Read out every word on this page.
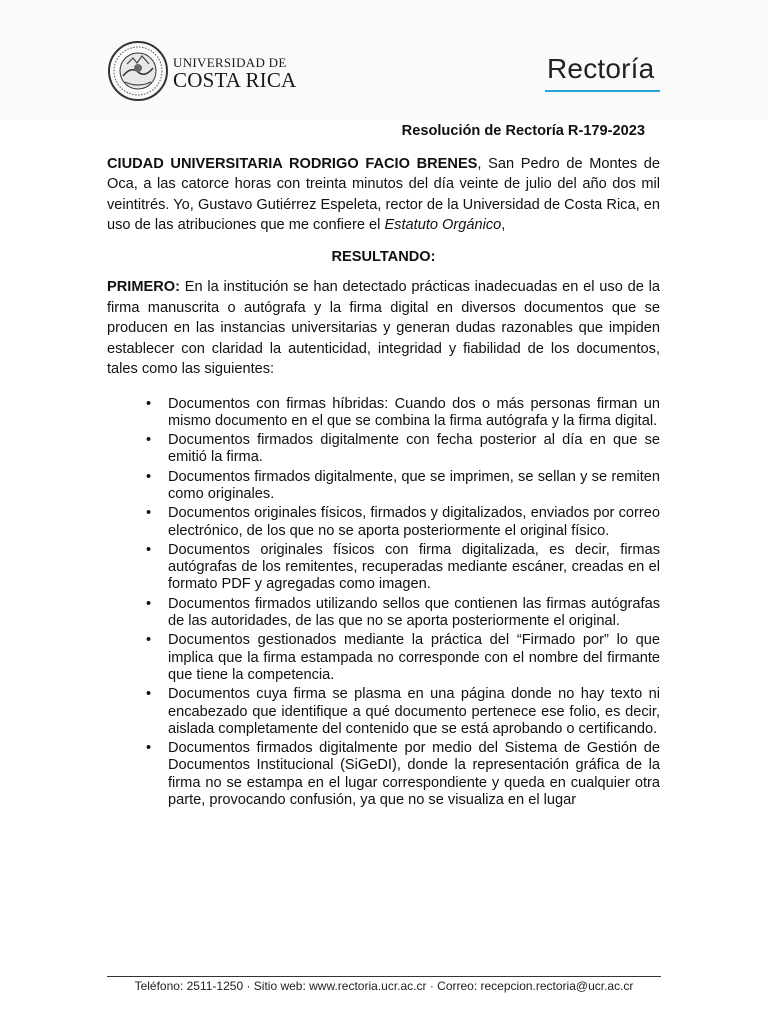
UNIVERSIDAD DE
COSTA RICA	Rectoría
Resolución de Rectoría R-179-2023

CIUDAD UNIVERSITARIA RODRIGO FACIO BRENES, San Pedro de Montes de Oca, a las catorce horas con treinta minutos del día veinte de julio del año dos mil veintitrés. Yo, Gustavo Gutiérrez Espeleta, rector de la Universidad de Costa Rica, en uso de las atribuciones que me confiere el Estatuto Orgánico,

RESULTANDO:

PRIMERO: En la institución se han detectado prácticas inadecuadas en el uso de la firma manuscrita o autógrafa y la firma digital en diversos documentos que se producen en las instancias universitarias y generan dudas razonables que impiden establecer con claridad la autenticidad, integridad y fiabilidad de los documentos, tales como las siguientes:

• Documentos con firmas híbridas: Cuando dos o más personas firman un mismo documento en el que se combina la firma autógrafa y la firma digital.
• Documentos firmados digitalmente con fecha posterior al día en que se emitió la firma.
• Documentos firmados digitalmente, que se imprimen, se sellan y se remiten como originales.
• Documentos originales físicos, firmados y digitalizados, enviados por correo electrónico, de los que no se aporta posteriormente el original físico.
• Documentos originales físicos con firma digitalizada, es decir, firmas autógrafas de los remitentes, recuperadas mediante escáner, creadas en el formato PDF y agregadas como imagen.
• Documentos firmados utilizando sellos que contienen las firmas autógrafas de las autoridades, de las que no se aporta posteriormente el original.
• Documentos gestionados mediante la práctica del “Firmado por” lo que implica que la firma estampada no corresponde con el nombre del firmante que tiene la competencia.
• Documentos cuya firma se plasma en una página donde no hay texto ni encabezado que identifique a qué documento pertenece ese folio, es decir, aislada completamente del contenido que se está aprobando o certificando.
• Documentos firmados digitalmente por medio del Sistema de Gestión de Documentos Institucional (SiGeDI), donde la representación gráfica de la firma no se estampa en el lugar correspondiente y queda en cualquier otra parte, provocando confusión, ya que no se visualiza en el lugar
Teléfono: 2511-1250 · Sitio web: www.rectoria.ucr.ac.cr · Correo: recepcion.rectoria@ucr.ac.cr
